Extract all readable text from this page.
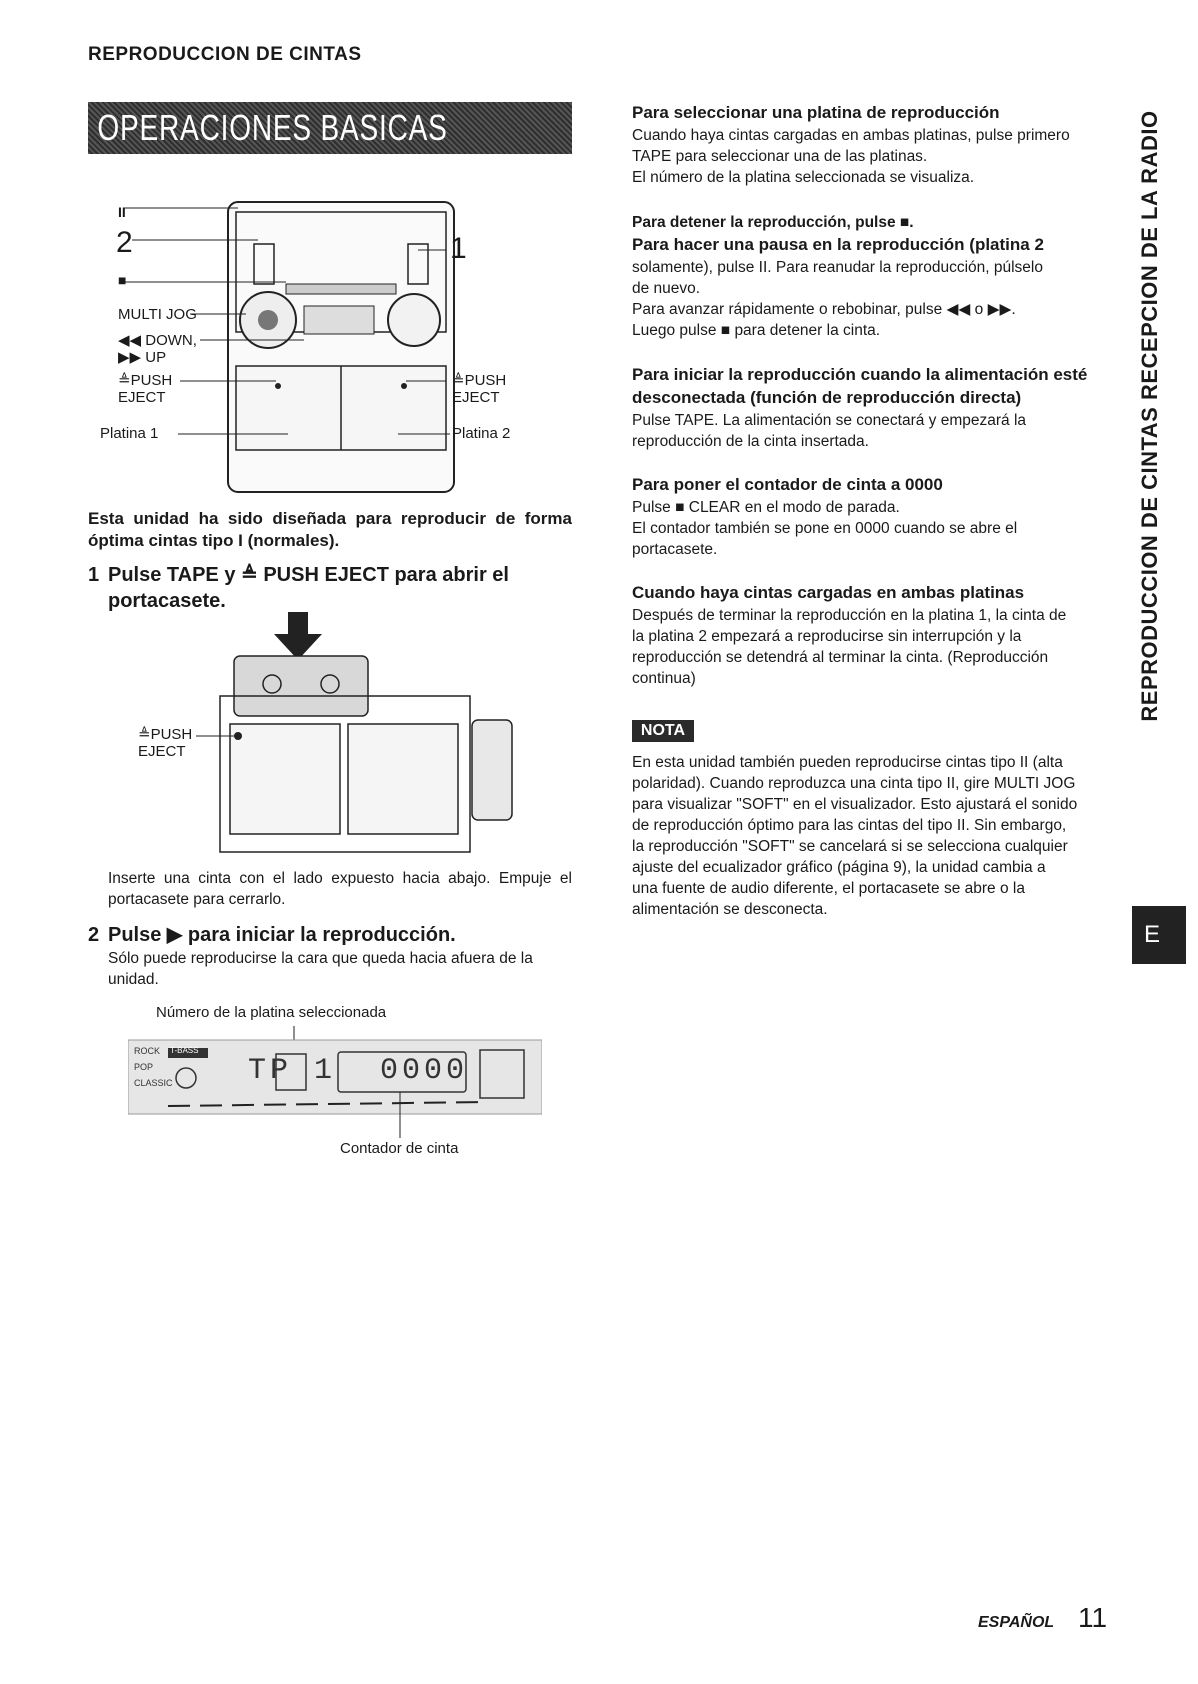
REPRODUCCION DE CINTAS
OPERACIONES BASICAS
II
2
■
MULTI JOG
◀◀ DOWN,
▶▶ UP
≜PUSH
EJECT
Platina 1
1
≜PUSH
EJECT
Platina 2
Esta unidad ha sido diseñada para reproducir de forma óptima cintas tipo I (normales).
1 Pulse TAPE y ≜ PUSH EJECT para abrir el portacasete.
≜PUSH
EJECT
Inserte una cinta con el lado expuesto hacia abajo. Empuje el portacasete para cerrarlo.
2 Pulse ▶ para iniciar la reproducción.
Sólo puede reproducirse la cara que queda hacia afuera de la unidad.
Número de la platina seleccionada
ROCK
POP
CLASSIC
T-BASS
TP 1  0000
Contador de cinta
Para seleccionar una platina de reproducción
Cuando haya cintas cargadas en ambas platinas, pulse primero
TAPE para seleccionar una de las platinas.
El número de la platina seleccionada se visualiza.
Para detener la reproducción, pulse ■.
Para hacer una pausa en la reproducción (platina 2
solamente), pulse II. Para reanudar la reproducción, púlselo
de nuevo.
Para avanzar rápidamente o rebobinar, pulse ◀◀ o ▶▶.
Luego pulse ■ para detener la cinta.
Para iniciar la reproducción cuando la alimentación esté
desconectada (función de reproducción directa)
Pulse TAPE. La alimentación se conectará y empezará la
reproducción de la cinta insertada.
Para poner el contador de cinta a 0000
Pulse ■ CLEAR en el modo de parada.
El contador también se pone en 0000 cuando se abre el
portacasete.
Cuando haya cintas cargadas en ambas platinas
Después de terminar la reproducción en la platina 1, la cinta de
la platina 2 empezará a reproducirse sin interrupción y la
reproducción se detendrá al terminar la cinta. (Reproducción
continua)
NOTA
En esta unidad también pueden reproducirse cintas tipo II (alta
polaridad). Cuando reproduzca una cinta tipo II, gire MULTI JOG
para visualizar "SOFT" en el visualizador. Esto ajustará el sonido
de reproducción óptimo para las cintas del tipo II. Sin embargo,
la reproducción "SOFT" se cancelará si se selecciona cualquier
ajuste del ecualizador gráfico (página 9), la unidad cambia a
una fuente de audio diferente, el portacasete se abre o la
alimentación se desconecta.
REPRODUCCION DE CINTAS RECEPCION DE LA RADIO
E
ESPAÑOL 11
